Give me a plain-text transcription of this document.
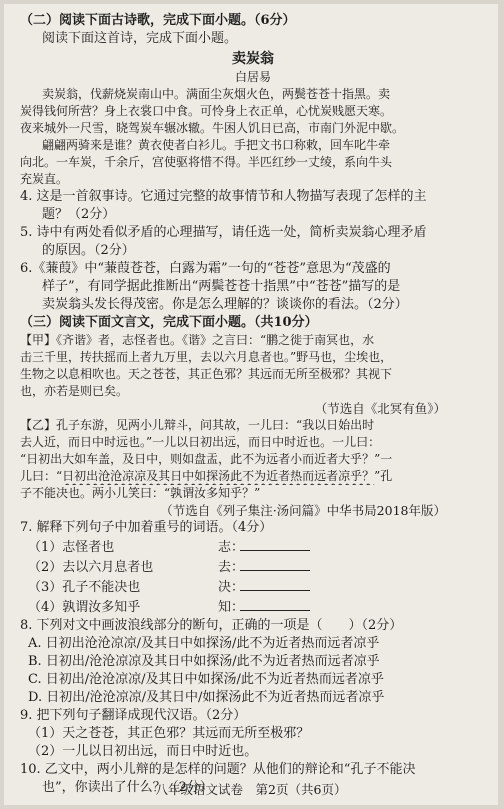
（二）阅读下面古诗歌，完成下面小题。（6分）
阅读下面这首诗，完成下面小题。
卖炭翁
白居易
卖炭翁，伐薪烧炭南山中。满面尘灰烟火色，两鬓苍苍十指黑。卖
炭得钱何所营？身上衣裳口中食。可怜身上衣正单，心忧炭贱愿天寒。
夜来城外一尺雪，晓驾炭车辗冰辙。牛困人饥日已高，市南门外泥中歇。
翩翩两骑来是谁？黄衣使者白衫儿。手把文书口称敕，回车叱牛牵
向北。一车炭，千余斤，宫使驱将惜不得。半匹红纱一丈绫，系向牛头
充炭直。
4. 这是一首叙事诗。它通过完整的故事情节和人物描写表现了怎样的主
题？（2分）
5. 诗中有两处看似矛盾的心理描写，请任选一处，简析卖炭翁心理矛盾
的原因。（2分）
6.《蒹葭》中“蒹葭苍苍，白露为霜”一句的“苍苍”意思为“茂盛的
样子”，有同学据此推断出“两鬓苍苍十指黑”中“苍苍”描写的是
卖炭翁头发长得茂密。你是怎么理解的？谈谈你的看法。（2分）
（三）阅读下面文言文，完成下面小题。（共10分）
【甲】《齐谐》者，志怪者也。《谐》之言曰：“鹏之徙于南冥也，水
击三千里，抟扶摇而上者九万里，去以六月息者也。”野马也，尘埃也，
生物之以息相吹也。天之苍苍，其正色邪？其远而无所至极邪？其视下
也，亦若是则已矣。
（节选自《北冥有鱼》）
【乙】孔子东游，见两小儿辩斗，问其故，一儿曰：“我以日始出时
去人近，而日中时远也。”一儿以日初出远，而日中时近也。一儿曰：
“日初出大如车盖，及日中，则如盘盂，此不为远者小而近者大乎？”一
儿曰：“日初出沧沧凉凉及其日中如探汤此不为近者热而远者凉乎？”孔
子不能决也。两小儿笑曰：“孰谓汝多知乎？”
（节选自《列子集注·汤问篇》中华书局2018年版）
7. 解释下列句子中加着重号的词语。（4分）
（1）志怪者也	志：
（2）去以六月息者也	去：
（3）孔子不能决也	决：
（4）孰谓汝多知乎	知：
8. 下列对文中画波浪线部分的断句，正确的一项是（　　）（2分）
A. 日初出沧沧凉凉/及其日中如探汤/此不为近者热而远者凉乎
B. 日初出/沧沧凉凉及其日中如探汤/此不为近者热而远者凉乎
C. 日初出/沧沧凉凉/及其日中如探汤/此不为近者热而远者凉乎
D. 日初出/沧沧凉凉/及其日中/如探汤此不为近者热而远者凉乎
9. 把下列句子翻译成现代汉语。（2分）
（1）天之苍苍，其正色邪？其远而无所至极邪？
（2）一儿以日初出远，而日中时近也。
10. 乙文中，两小儿辩的是怎样的问题？从他们的辩论和“孔子不能决
也”，你读出了什么？（2分）
八年级语文试卷　第2页（共6页）
